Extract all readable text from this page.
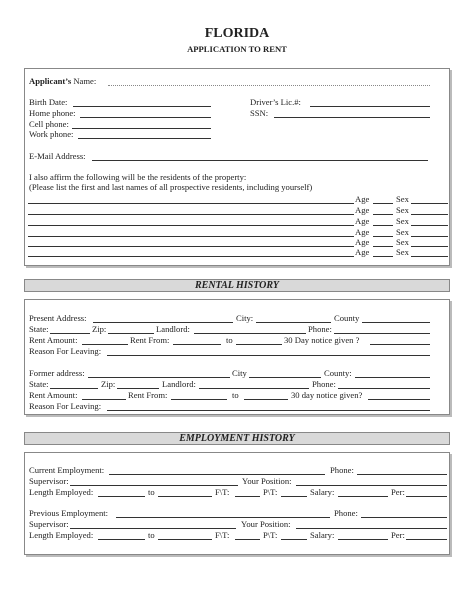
FLORIDA
APPLICATION TO RENT
Applicant’s Name:
Birth Date:	Driver’s Lic.#:
Home phone:	SSN:
Cell phone:
Work phone:
E-Mail Address:
I also affirm the following will be the residents of the property:
(Please list the first and last names of all prospective residents, including yourself)
Age	Sex
Age	Sex
Age	Sex
Age	Sex
Age	Sex
Age	Sex
RENTAL HISTORY
Present Address:	City:	County
State:	Zip:	Landlord:	Phone:
Rent Amount:	Rent From:	to	30 Day notice given ?
Reason For Leaving:
Former address:	City	County:
State:	Zip:	Landlord:	Phone:
Rent Amount:	Rent From:	to	30 day notice given?
Reason For Leaving:
EMPLOYMENT HISTORY
Current Employment:	Phone:
Supervisor:	Your Position:
Length Employed:	to	F\T:	P\T:	Salary:	Per:
Previous Employment:	Phone:
Supervisor:	Your Position:
Length Employed:	to	F\T:	P\T:	Salary:	Per:
